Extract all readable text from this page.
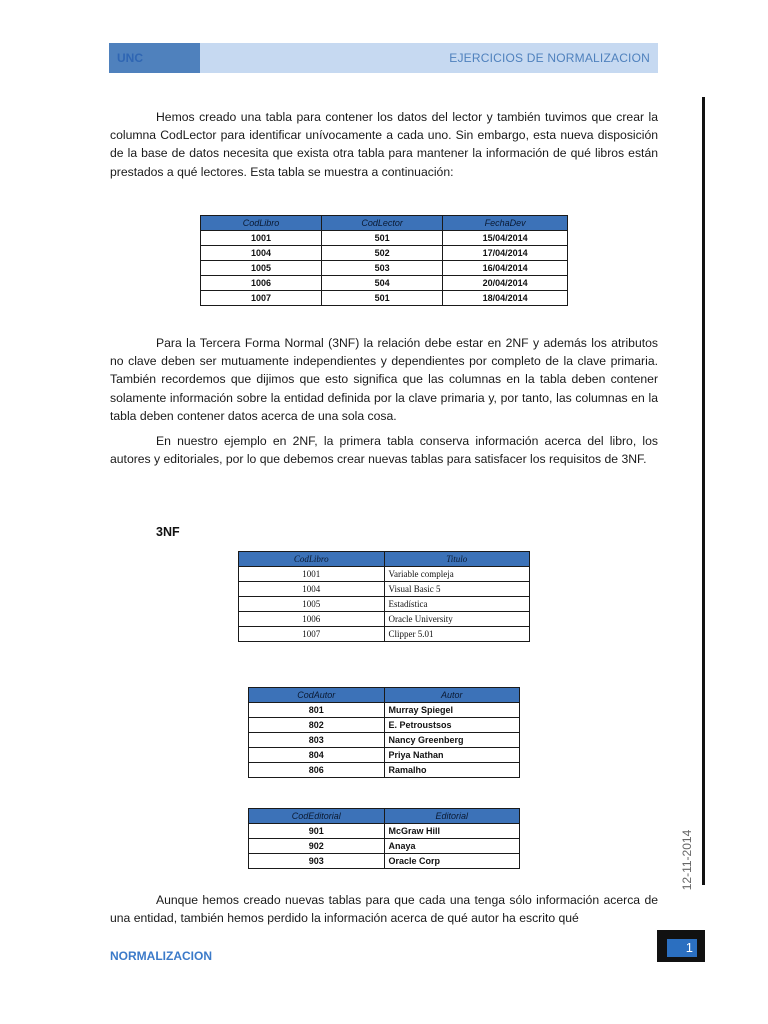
UNC	EJERCICIOS DE NORMALIZACION
12-11-2014

Hemos creado una tabla para contener los datos del lector y también tuvimos que crear la columna CodLector para identificar unívocamente a cada uno. Sin embargo, esta nueva disposición de la base de datos necesita que exista otra tabla para mantener la información de qué libros están prestados a qué lectores. Esta tabla se muestra a continuación:

CodLibro	CodLector	FechaDev
1001	501	15/04/2014
1004	502	17/04/2014
1005	503	16/04/2014
1006	504	20/04/2014
1007	501	18/04/2014

Para la Tercera Forma Normal (3NF) la relación debe estar en 2NF y además los atributos no clave deben ser mutuamente independientes y dependientes por completo de la clave primaria. También recordemos que dijimos que esto significa que las columnas en la tabla deben contener solamente información sobre la entidad definida por la clave primaria y, por tanto, las columnas en la tabla deben contener datos acerca de una sola cosa.

En nuestro ejemplo en 2NF, la primera tabla conserva información acerca del libro, los autores y editoriales, por lo que debemos crear nuevas tablas para satisfacer los requisitos de 3NF.

3NF
CodLibro	Titulo
1001	Variable compleja
1004	Visual Basic 5
1005	Estadística
1006	Oracle University
1007	Clipper 5.01
CodAutor	Autor
801	Murray Spiegel
802	E. Petroustsos
803	Nancy Greenberg
804	Priya Nathan
806	Ramalho
CodEditorial	Editorial
901	McGraw Hill
902	Anaya
903	Oracle Corp

Aunque hemos creado nuevas tablas para que cada una tenga sólo información acerca de una entidad, también hemos perdido la información acerca de qué autor ha escrito qué

NORMALIZACION
1
